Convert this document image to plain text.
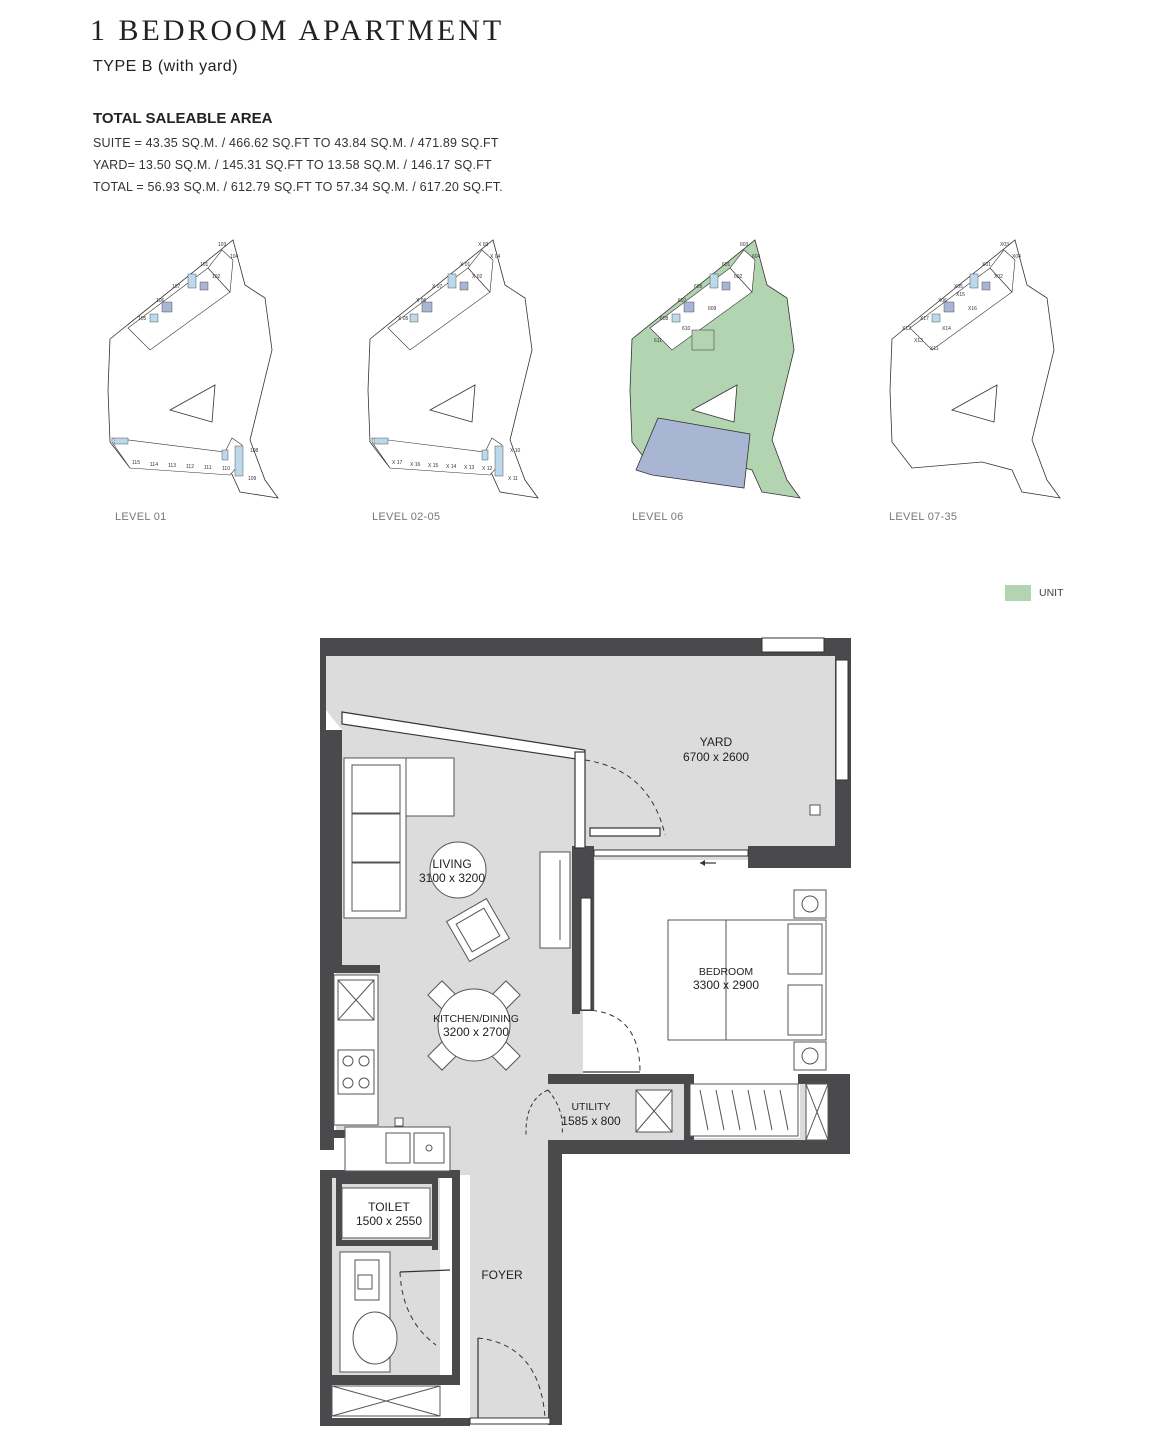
1 BEDROOM APARTMENT
TYPE B (with yard)
TOTAL SALEABLE AREA
SUITE = 43.35 SQ.M. / 466.62 SQ.FT TO 43.84 SQ.M. / 471.89 SQ.FT
YARD= 13.50 SQ.M. / 145.31 SQ.FT TO 13.58 SQ.M. / 146.17 SQ.FT
TOTAL = 56.93 SQ.M. / 612.79 SQ.FT TO 57.34 SQ.M. / 617.20 SQ.FT.
103
104
101
102
107
106
105
115 114 113 112 111 110
108
109
X 03
X 04
X 01
X 02
X 07
X 06
X 05
X 17 X 16 X 15 X 14 X 13 X 12
X 10
X 11
603
604
601
602
605
607
608
609
610
611
X03
X04
X01
X02
X05
X06
X17
X16
X14
X13
X11
X12
X15
LEVEL 01	LEVEL 02-05	LEVEL 06	LEVEL 07-35
UNIT
YARD
6700 x 2600
LIVING
3100 x 3200
BEDROOM
3300 x 2900
KITCHEN/DINING
3200 x 2700
UTILITY
1585 x 800
TOILET
1500 x 2550
FOYER
